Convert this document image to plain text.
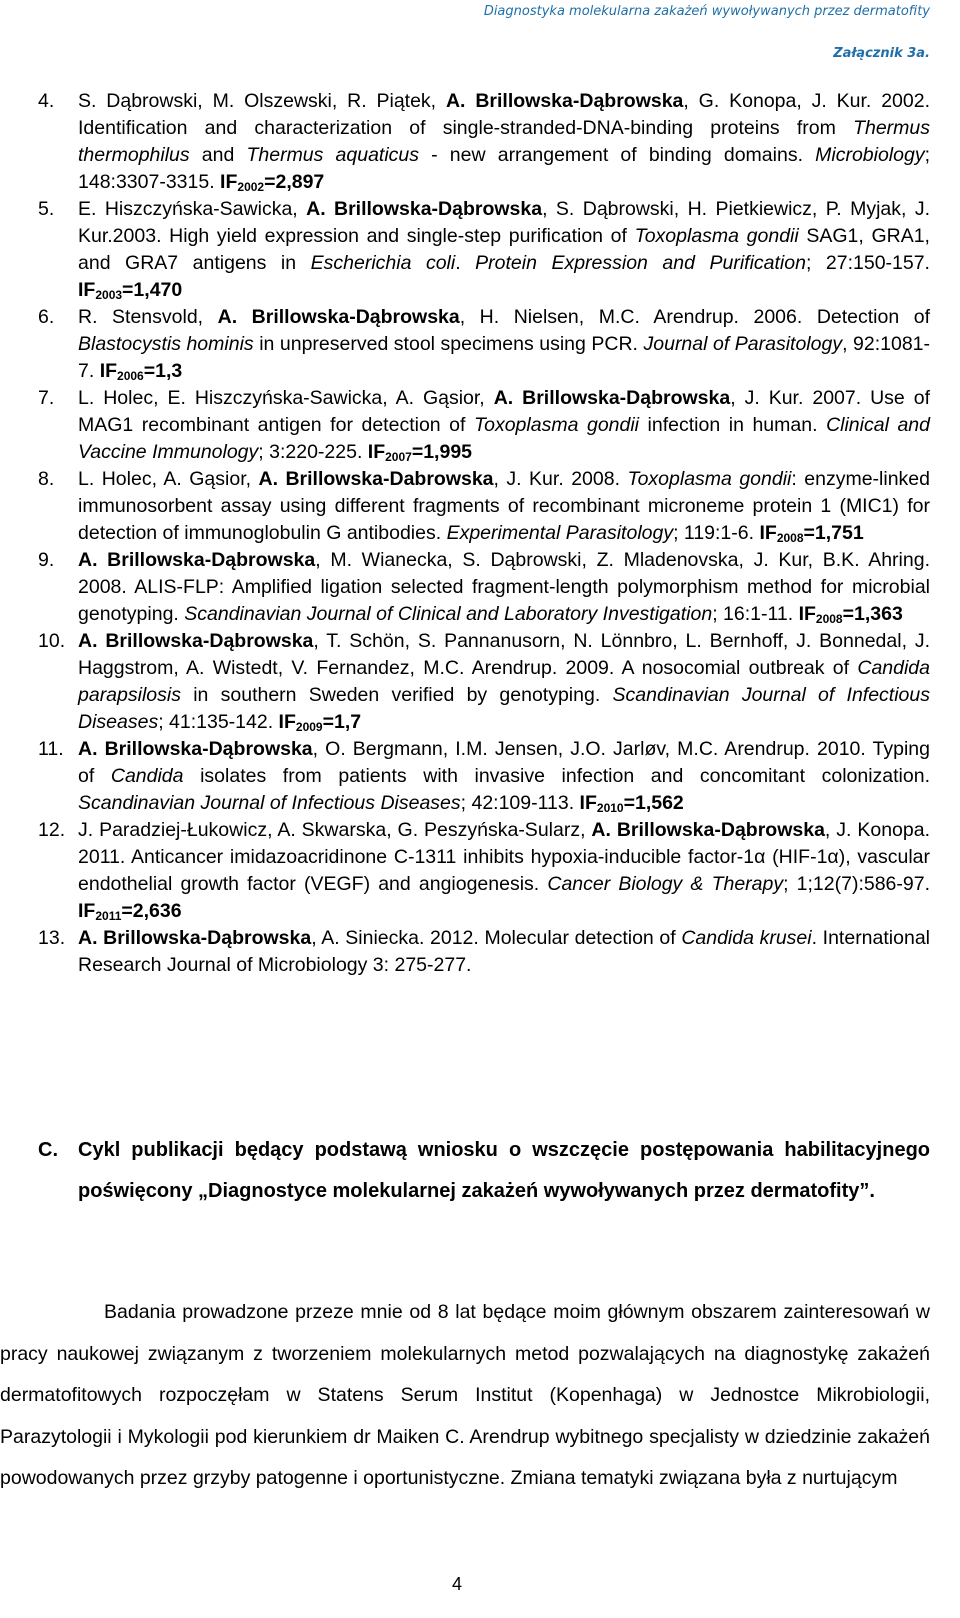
Diagnostyka molekularna zakażeń wywoływanych przez dermatofity
Załącznik 3a.
4. S. Dąbrowski, M. Olszewski, R. Piątek, A. Brillowska-Dąbrowska, G. Konopa, J. Kur. 2002. Identification and characterization of single-stranded-DNA-binding proteins from Thermus thermophilus and Thermus aquaticus - new arrangement of binding domains. Microbiology; 148:3307-3315. $IF_{2002}=2,897$
5. E. Hiszczyńska-Sawicka, A. Brillowska-Dąbrowska, S. Dąbrowski, H. Pietkiewicz, P. Myjak, J. Kur.2003. High yield expression and single-step purification of Toxoplasma gondii SAG1, GRA1, and GRA7 antigens in Escherichia coli. Protein Expression and Purification; 27:150-157. $IF_{2003}=1,470$
6. R. Stensvold, A. Brillowska-Dąbrowska, H. Nielsen, M.C. Arendrup. 2006. Detection of Blastocystis hominis in unpreserved stool specimens using PCR. Journal of Parasitology, 92:1081-7. $IF_{2006}=1,3$
7. L. Holec, E. Hiszczyńska-Sawicka, A. Gąsior, A. Brillowska-Dąbrowska, J. Kur. 2007. Use of MAG1 recombinant antigen for detection of Toxoplasma gondii infection in human. Clinical and Vaccine Immunology; 3:220-225. $IF_{2007}=1,995$
8. L. Holec, A. Gąsior, A. Brillowska-Dabrowska, J. Kur. 2008. Toxoplasma gondii: enzyme-linked immunosorbent assay using different fragments of recombinant microneme protein 1 (MIC1) for detection of immunoglobulin G antibodies. Experimental Parasitology; 119:1-6. $IF_{2008}=1,751$
9. A. Brillowska-Dąbrowska, M. Wianecka, S. Dąbrowski, Z. Mladenovska, J. Kur, B.K. Ahring. 2008. ALIS-FLP: Amplified ligation selected fragment-length polymorphism method for microbial genotyping. Scandinavian Journal of Clinical and Laboratory Investigation; 16:1-11. $IF_{2008}=1,363$
10. A. Brillowska-Dąbrowska, T. Schön, S. Pannanusorn, N. Lönnbro, L. Bernhoff, J. Bonnedal, J. Haggstrom, A. Wistedt, V. Fernandez, M.C. Arendrup. 2009. A nosocomial outbreak of Candida parapsilosis in southern Sweden verified by genotyping. Scandinavian Journal of Infectious Diseases; 41:135-142. $IF_{2009}=1,7$
11. A. Brillowska-Dąbrowska, O. Bergmann, I.M. Jensen, J.O. Jarløv, M.C. Arendrup. 2010. Typing of Candida isolates from patients with invasive infection and concomitant colonization. Scandinavian Journal of Infectious Diseases; 42:109-113. $IF_{2010}=1,562$
12. J. Paradziej-Łukowicz, A. Skwarska, G. Peszyńska-Sularz, A. Brillowska-Dąbrowska, J. Konopa. 2011. Anticancer imidazoacridinone C-1311 inhibits hypoxia-inducible factor-1α (HIF-1α), vascular endothelial growth factor (VEGF) and angiogenesis. Cancer Biology & Therapy; 1;12(7):586-97. $IF_{2011}=2,636$
13. A. Brillowska-Dąbrowska, A. Siniecka. 2012. Molecular detection of Candida krusei. International Research Journal of Microbiology 3: 275-277.
C.	Cykl publikacji będący podstawą wniosku o wszczęcie postępowania habilitacyjnego poświęcony „Diagnostyce molekularnej zakażeń wywoływanych przez dermatofity”.

Badania prowadzone przeze mnie od 8 lat będące moim głównym obszarem zainteresowań w pracy naukowej związanym z tworzeniem molekularnych metod pozwalających na diagnostykę zakażeń dermatofitowych rozpoczęłam w Statens Serum Institut (Kopenhaga) w Jednostce Mikrobiologii, Parazytologii i Mykologii pod kierunkiem dr Maiken C. Arendrup wybitnego specjalisty w dziedzinie zakażeń powodowanych przez grzyby patogenne i oportunistyczne. Zmiana tematyki związana była z nurtującym

4
